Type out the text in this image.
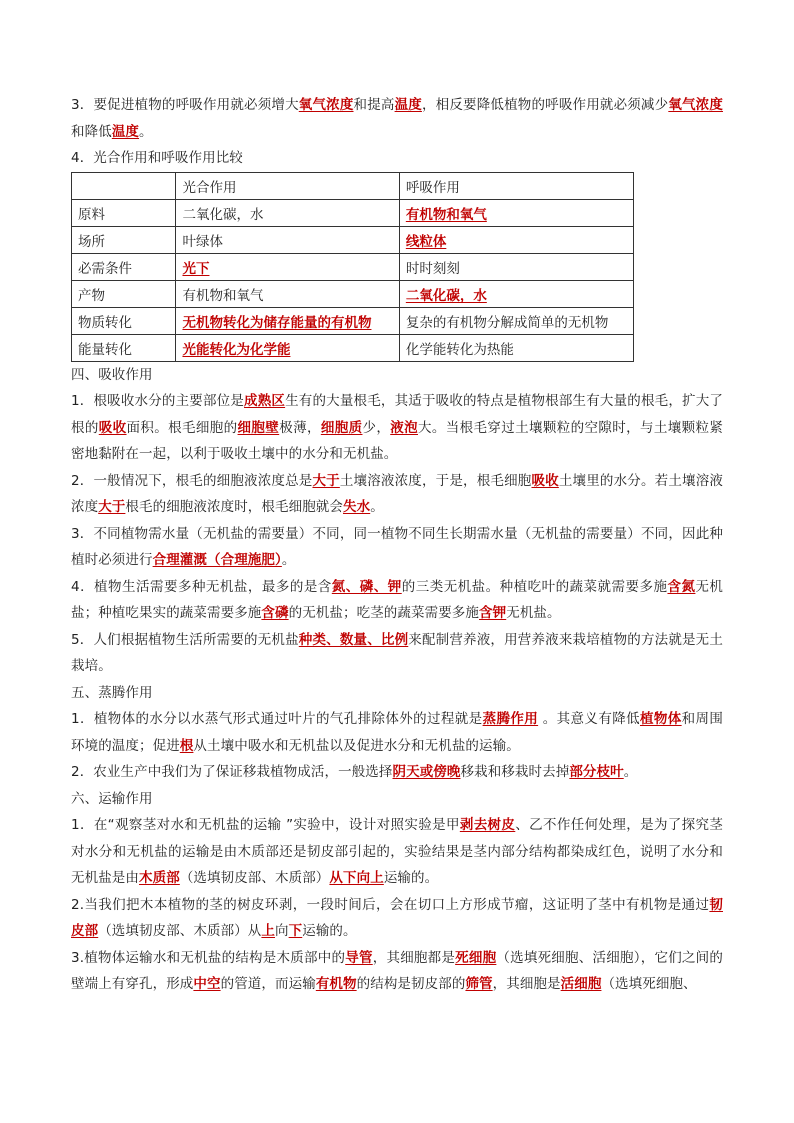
3．要促进植物的呼吸作用就必须增大氧气浓度和提高温度，相反要降低植物的呼吸作用就必须减少氧气浓度和降低温度。

4．光合作用和呼吸作用比较

	光合作用	呼吸作用
原料	二氧化碳，水	有机物和氧气
场所	叶绿体	线粒体
必需条件	光下	时时刻刻
产物	有机物和氧气	二氧化碳，水
物质转化	无机物转化为储存能量的有机物	复杂的有机物分解成简单的无机物
能量转化	光能转化为化学能	化学能转化为热能

四、吸收作用

1．根吸收水分的主要部位是成熟区生有的大量根毛，其适于吸收的特点是植物根部生有大量的根毛，扩大了根的吸收面积。根毛细胞的细胞壁极薄，细胞质少，液泡大。当根毛穿过土壤颗粒的空隙时，与土壤颗粒紧密地黏附在一起，以利于吸收土壤中的水分和无机盐。

2．一般情况下，根毛的细胞液浓度总是大于土壤溶液浓度，于是，根毛细胞吸收土壤里的水分。若土壤溶液浓度大于根毛的细胞液浓度时，根毛细胞就会失水。

3．不同植物需水量（无机盐的需要量）不同，同一植物不同生长期需水量（无机盐的需要量）不同，因此种植时必须进行合理灌溉（合理施肥）。

4．植物生活需要多种无机盐，最多的是含氮、磷、钾的三类无机盐。种植吃叶的蔬菜就需要多施含氮无机盐；种植吃果实的蔬菜需要多施含磷的无机盐；吃茎的蔬菜需要多施含钾无机盐。

5．人们根据植物生活所需要的无机盐种类、数量、比例来配制营养液，用营养液来栽培植物的方法就是无土栽培。

五、蒸腾作用

1．植物体的水分以水蒸气形式通过叶片的气孔排除体外的过程就是蒸腾作用 。其意义有降低植物体和周围环境的温度；促进根从土壤中吸水和无机盐以及促进水分和无机盐的运输。

2．农业生产中我们为了保证移栽植物成活，一般选择阴天或傍晚移栽和移栽时去掉部分枝叶。

六、运输作用

1．在“观察茎对水和无机盐的运输 ”实验中，设计对照实验是甲剥去树皮、乙不作任何处理，是为了探究茎对水分和无机盐的运输是由木质部还是韧皮部引起的，实验结果是茎内部分结构都染成红色，说明了水分和无机盐是由木质部（选填韧皮部、木质部）从下向上运输的。

2.当我们把木本植物的茎的树皮环剥，一段时间后，会在切口上方形成节瘤，这证明了茎中有机物是通过韧皮部（选填韧皮部、木质部）从上向下运输的。

3.植物体运输水和无机盐的结构是木质部中的导管，其细胞都是死细胞（选填死细胞、活细胞），它们之间的壁端上有穿孔，形成中空的管道，而运输有机物的结构是韧皮部的筛管，其细胞是活细胞（选填死细胞、
